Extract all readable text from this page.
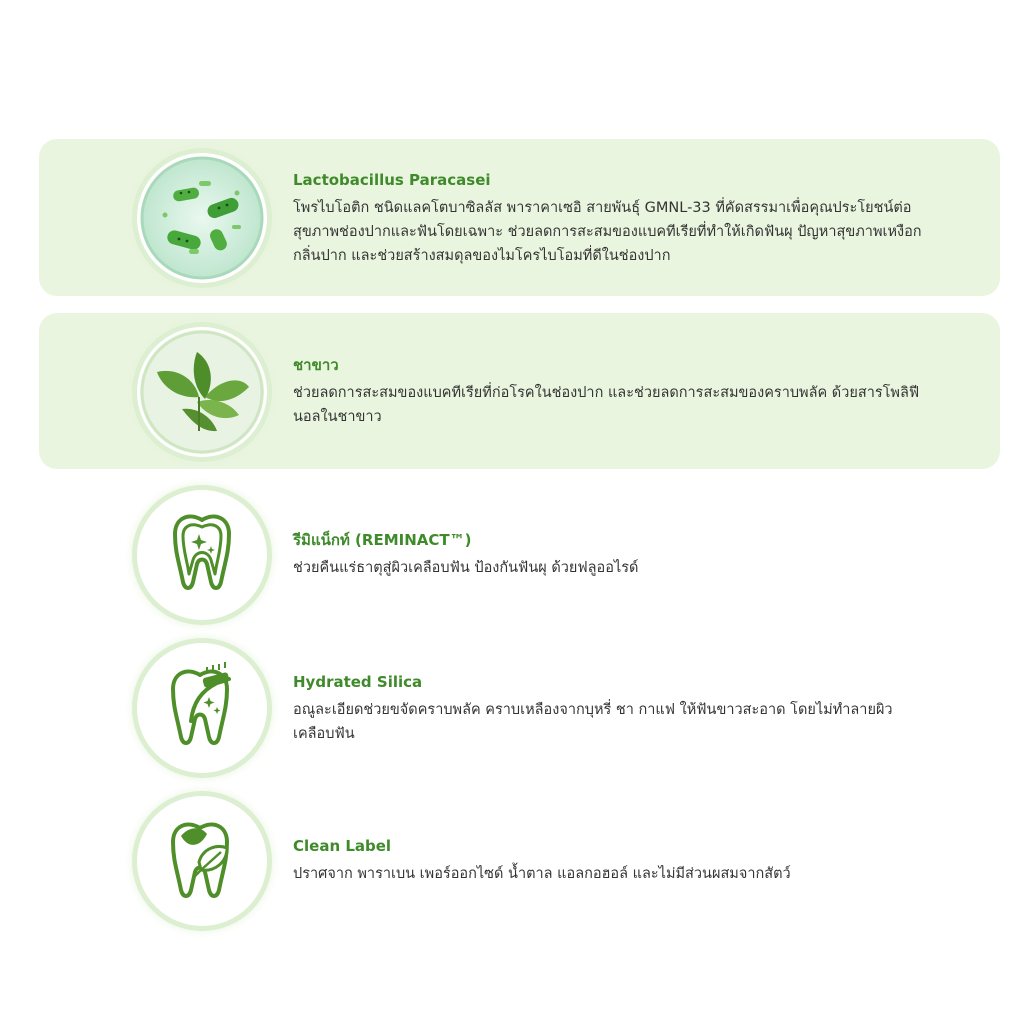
Lactobacillus Paracasei

โพรไบโอติก ชนิดแลคโตบาซิลลัส พาราคาเซอิ สายพันธุ์ GMNL-33 ที่คัดสรรมาเพื่อคุณประโยชน์ต่อสุขภาพช่องปากและฟันโดยเฉพาะ ช่วยลดการสะสมของแบคทีเรียที่ทำให้เกิดฟันผุ ปัญหาสุขภาพเหงือก กลิ่นปาก และช่วยสร้างสมดุลของไมโครไบโอมที่ดีในช่องปาก

ชาขาว

ช่วยลดการสะสมของแบคทีเรียที่ก่อโรคในช่องปาก และช่วยลดการสะสมของคราบพลัค ด้วยสารโพลิฟีนอลในชาขาว

รีมิแน็กท์ (REMINACT™)

ช่วยคืนแร่ธาตุสู่ผิวเคลือบฟัน ป้องกันฟันผุ ด้วยฟลูออไรด์

Hydrated Silica

อณูละเอียดช่วยขจัดคราบพลัค คราบเหลืองจากบุหรี่ ชา กาแฟ ให้ฟันขาวสะอาด โดยไม่ทำลายผิวเคลือบฟัน

Clean Label

ปราศจาก พาราเบน เพอร์ออกไซด์ น้ำตาล แอลกอฮอล์ และไม่มีส่วนผสมจากสัตว์
